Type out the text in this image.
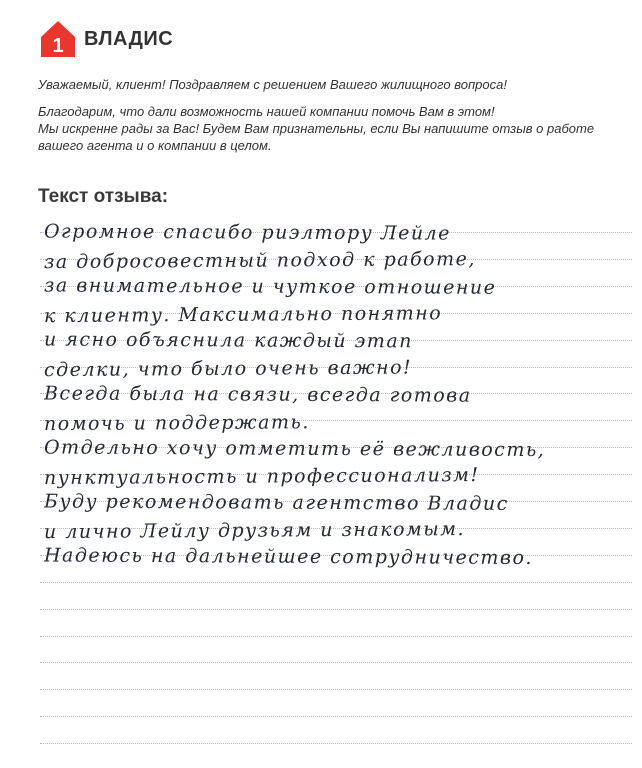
1 ВЛАДИС

Уважаемый, клиент! Поздравляем с решением Вашего жилищного вопроса!

Благодарим, что дали возможность нашей компании помочь Вам в этом!

Мы искренне рады за Вас! Будем Вам признательны, если Вы напишите отзыв о работе

вашего агента и о компании в целом.

Текст отзыва:
Огромное спасибо риэлтору Лейле
за добросовестный подход к работе,
за внимательное и чуткое отношение
к клиенту. Максимально понятно
и ясно объяснила каждый этап
сделки, что было очень важно!
Всегда была на связи, всегда готова
помочь и поддержать.
Отдельно хочу отметить её вежливость,
пунктуальность и профессионализм!
Буду рекомендовать агентство Владис
и лично Лейлу друзьям и знакомым.
Надеюсь на дальнейшее сотрудничество.
